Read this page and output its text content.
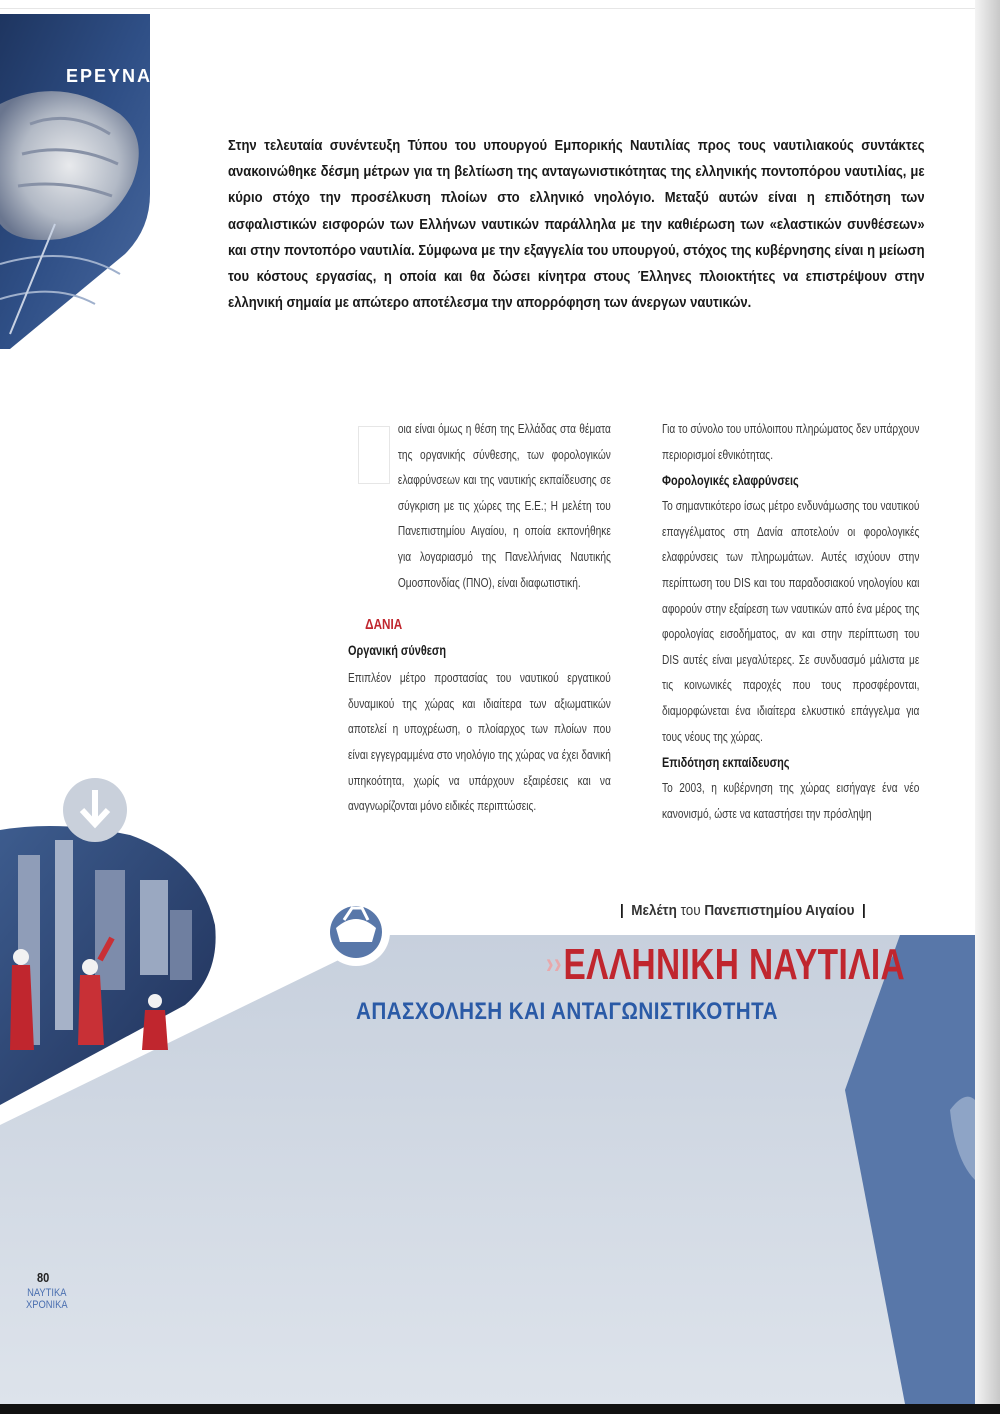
ΕΡΕΥΝΑ
Στην τελευταία συνέντευξη Τύπου του υπουργού Εμπορικής Ναυτιλίας προς τους ναυτιλιακούς συντάκτες ανακοινώθηκε δέσμη μέτρων για τη βελτίωση της ανταγωνιστικότητας της ελληνικής ποντοπόρου ναυτιλίας, με κύριο στόχο την προσέλκυση πλοίων στο ελληνικό νηολόγιο. Μεταξύ αυτών είναι η επιδότηση των ασφαλιστικών εισφορών των Ελλήνων ναυτικών παράλληλα με την καθιέρωση των «ελαστικών συνθέσεων» και στην ποντοπόρο ναυτιλία. Σύμφωνα με την εξαγγελία του υπουργού, στόχος της κυβέρνησης είναι η μείωση του κόστους εργασίας, η οποία και θα δώσει κίνητρα στους Έλληνες πλοιοκτήτες να επιστρέψουν στην ελληνική σημαία με απώτερο αποτέλεσμα την απορρόφηση των άνεργων ναυτικών.

οια είναι όμως η θέση της Ελλάδας στα θέματα της οργανικής σύνθεσης, των φορολογικών ελαφρύνσεων και της ναυτικής εκπαίδευσης σε σύγκριση με τις χώρες της Ε.Ε.; Η μελέτη του Πανεπιστημίου Αιγαίου, η οποία εκπονήθηκε για λογαριασμό της Πανελλήνιας Ναυτικής Ομοσπονδίας (ΠΝΟ), είναι διαφωτιστική.

ΔΑΝΙΑ
Οργανική σύνθεση

Επιπλέον μέτρο προστασίας του ναυτικού εργατικού δυναμικού της χώρας και ιδιαίτερα των αξιωματικών αποτελεί η υποχρέωση, ο πλοίαρχος των πλοίων που είναι εγγεγραμμένα στο νηολόγιο της χώρας να έχει δανική υπηκοότητα, χωρίς να υπάρχουν εξαιρέσεις και να αναγνωρίζονται μόνο ειδικές περιπτώσεις.

Για το σύνολο του υπόλοιπου πληρώματος δεν υπάρχουν περιορισμοί εθνικότητας.

Φορολογικές ελαφρύνσεις

Το σημαντικότερο ίσως μέτρο ενδυνάμωσης του ναυτικού επαγγέλματος στη Δανία αποτελούν οι φορολογικές ελαφρύνσεις των πληρωμάτων. Αυτές ισχύουν στην περίπτωση του DIS και του παραδοσιακού νηολογίου και αφορούν στην εξαίρεση των ναυτικών από ένα μέρος της φορολογίας εισοδήματος, αν και στην περίπτωση του DIS αυτές είναι μεγαλύτερες. Σε συνδυασμό μάλιστα με τις κοινωνικές παροχές που τους προσφέρονται, διαμορφώνεται ένα ιδιαίτερα ελκυστικό επάγγελμα για τους νέους της χώρας.

Επιδότηση εκπαίδευσης

Το 2003, η κυβέρνηση της χώρας εισήγαγε ένα νέο κανονισμό, ώστε να καταστήσει την πρόσληψη

| Μελέτη του Πανεπιστημίου Αιγαίου |
››ΕΛΛΗΝΙΚΗ ΝΑΥΤΙΛΙΑ
ΑΠΑΣΧΟΛΗΣΗ ΚΑΙ ΑΝΤΑΓΩΝΙΣΤΙΚΟΤΗΤΑ
80
ΝΑΥΤΙΚΑ
ΧΡΟΝΙΚΑ
